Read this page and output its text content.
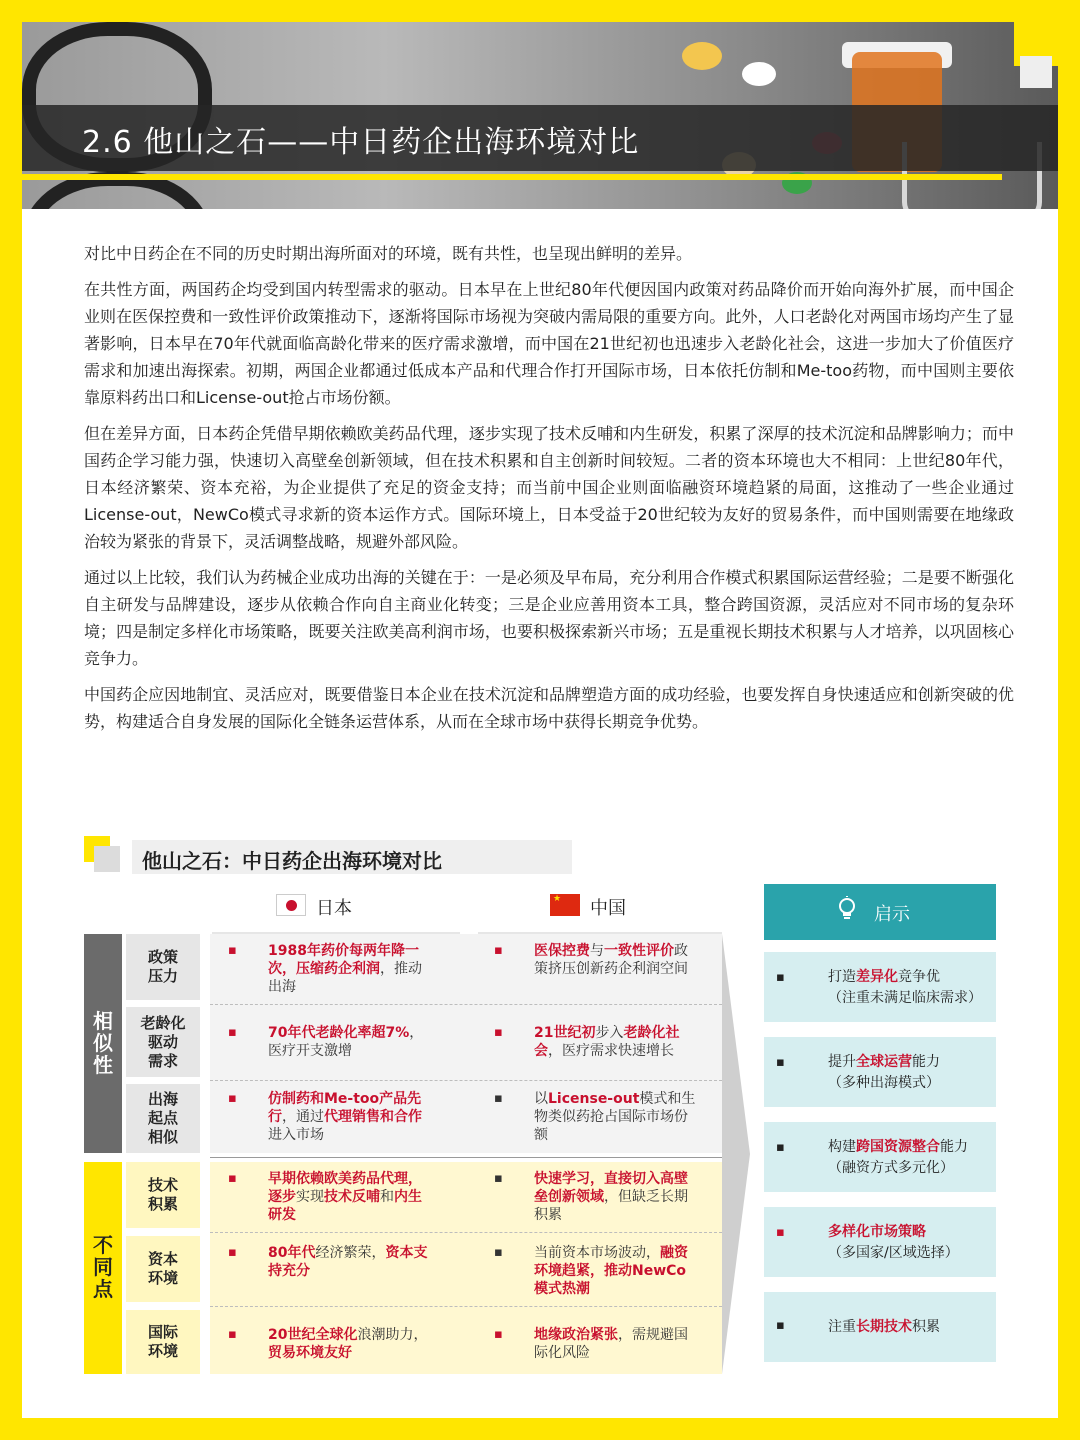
2.6 他山之石——中日药企出海环境对比

对比中日药企在不同的历史时期出海所面对的环境，既有共性，也呈现出鲜明的差异。

在共性方面，两国药企均受到国内转型需求的驱动。日本早在上世纪80年代便因国内政策对药品降价而开始向海外扩展，而中国企业则在医保控费和一致性评价政策推动下，逐渐将国际市场视为突破内需局限的重要方向。此外，人口老龄化对两国市场均产生了显著影响，日本早在70年代就面临高龄化带来的医疗需求激增，而中国在21世纪初也迅速步入老龄化社会，这进一步加大了价值医疗需求和加速出海探索。初期，两国企业都通过低成本产品和代理合作打开国际市场，日本依托仿制和Me-too药物，而中国则主要依靠原料药出口和License-out抢占市场份额。

但在差异方面，日本药企凭借早期依赖欧美药品代理，逐步实现了技术反哺和内生研发，积累了深厚的技术沉淀和品牌影响力；而中国药企学习能力强，快速切入高壁垒创新领域，但在技术积累和自主创新时间较短。二者的资本环境也大不相同：上世纪80年代，日本经济繁荣、资本充裕，为企业提供了充足的资金支持；而当前中国企业则面临融资环境趋紧的局面，这推动了一些企业通过License-out，NewCo模式寻求新的资本运作方式。国际环境上，日本受益于20世纪较为友好的贸易条件，而中国则需要在地缘政治较为紧张的背景下，灵活调整战略，规避外部风险。

通过以上比较，我们认为药械企业成功出海的关键在于：一是必须及早布局，充分利用合作模式积累国际运营经验；二是要不断强化自主研发与品牌建设，逐步从依赖合作向自主商业化转变；三是企业应善用资本工具，整合跨国资源，灵活应对不同市场的复杂环境；四是制定多样化市场策略，既要关注欧美高利润市场，也要积极探索新兴市场；五是重视长期技术积累与人才培养，以巩固核心竞争力。

中国药企应因地制宜、灵活应对，既要借鉴日本企业在技术沉淀和品牌塑造方面的成功经验，也要发挥自身快速适应和创新突破的优势，构建适合自身发展的国际化全链条运营体系，从而在全球市场中获得长期竞争优势。

他山之石：中日药企出海环境对比
日本
★	中国
相
似
性
不
同
点
政策
压力
老龄化
驱动
需求
出海
起点
相似
技术
积累
资本
环境
国际
环境
▪ 1988年药价每两年降一次，压缩药企利润，推动出海
▪ 70年代老龄化率超7%，医疗开支激增
▪ 仿制药和Me-too产品先行，通过代理销售和合作进入市场
▪ 早期依赖欧美药品代理，逐步实现技术反哺和内生研发
▪ 80年代经济繁荣，资本支持充分
▪ 20世纪全球化浪潮助力，贸易环境友好
▪ 医保控费与一致性评价政策挤压创新药企利润空间
▪ 21世纪初步入老龄化社会，医疗需求快速增长
▪ 以License-out模式和生物类似药抢占国际市场份额
▪ 快速学习，直接切入高壁垒创新领域，但缺乏长期积累
▪ 当前资本市场波动，融资环境趋紧，推动NewCo模式热潮
▪ 地缘政治紧张，需规避国际化风险
启示
▪	打造差异化竞争优
（注重未满足临床需求）
▪	提升全球运营能力
（多种出海模式）
▪	构建跨国资源整合能力
（融资方式多元化）
▪	多样化市场策略
（多国家/区域选择）
▪	注重长期技术积累
